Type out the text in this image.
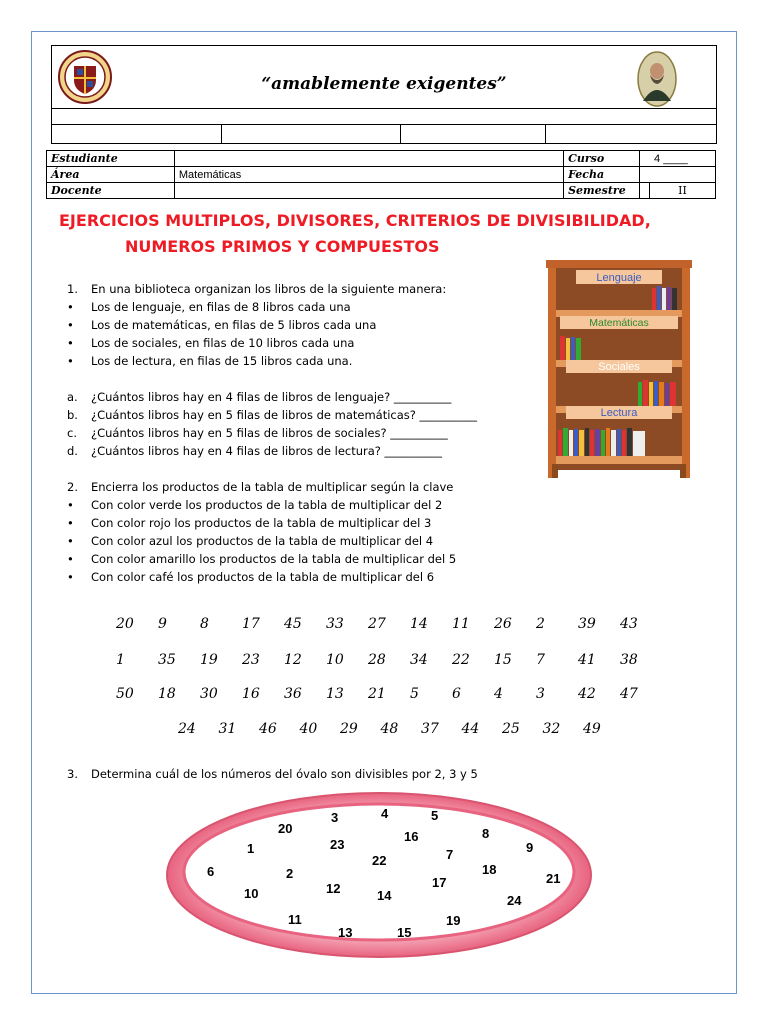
“amablemente exigentes”
Estudiante		Curso	4 ____	
Área	Matemáticas	Fecha		
Docente		Semestre		II
EJERCICIOS MULTIPLOS, DIVISORES, CRITERIOS DE DIVISIBILIDAD,
NUMEROS PRIMOS Y COMPUESTOS
Lenguaje
Matemáticas
Sociales
Lectura
1. En una biblioteca organizan los libros de la siguiente manera:
• Los de lenguaje, en filas de 8 libros cada una
• Los de matemáticas, en filas de 5 libros cada una
• Los de sociales, en filas de 10 libros cada una
• Los de lectura, en filas de 15 libros cada una.
a. ¿Cuántos libros hay en 4 filas de libros de lenguaje? __________
b. ¿Cuántos libros hay en 5 filas de libros de matemáticas? __________
c. ¿Cuántos libros hay en 5 filas de libros de sociales? __________
d. ¿Cuántos libros hay en 4 filas de libros de lectura? __________
2. Encierra los productos de la tabla de multiplicar según la clave
• Con color verde los productos de la tabla de multiplicar del 2
• Con color rojo los productos de la tabla de multiplicar del 3
• Con color azul los productos de la tabla de multiplicar del 4
• Con color amarillo los productos de la tabla de multiplicar del 5
• Con color café los productos de la tabla de multiplicar del 6
20 9 8 17 45 33 27 14 11 26 2 39 43
1 35 19 23 12 10 28 34 22 15 7 41 38
50 18 30 16 36 13 21 5 6 4 3 42 47
24 31 46 40 29 48 37 44 25 32 49
3. Determina cuál de los números del óvalo son divisibles por 2, 3 y 5
3	4	5
20
16	8
1	23
7	9
22
18
6	2
17	21
10	12	14	24
11	19
13	15
